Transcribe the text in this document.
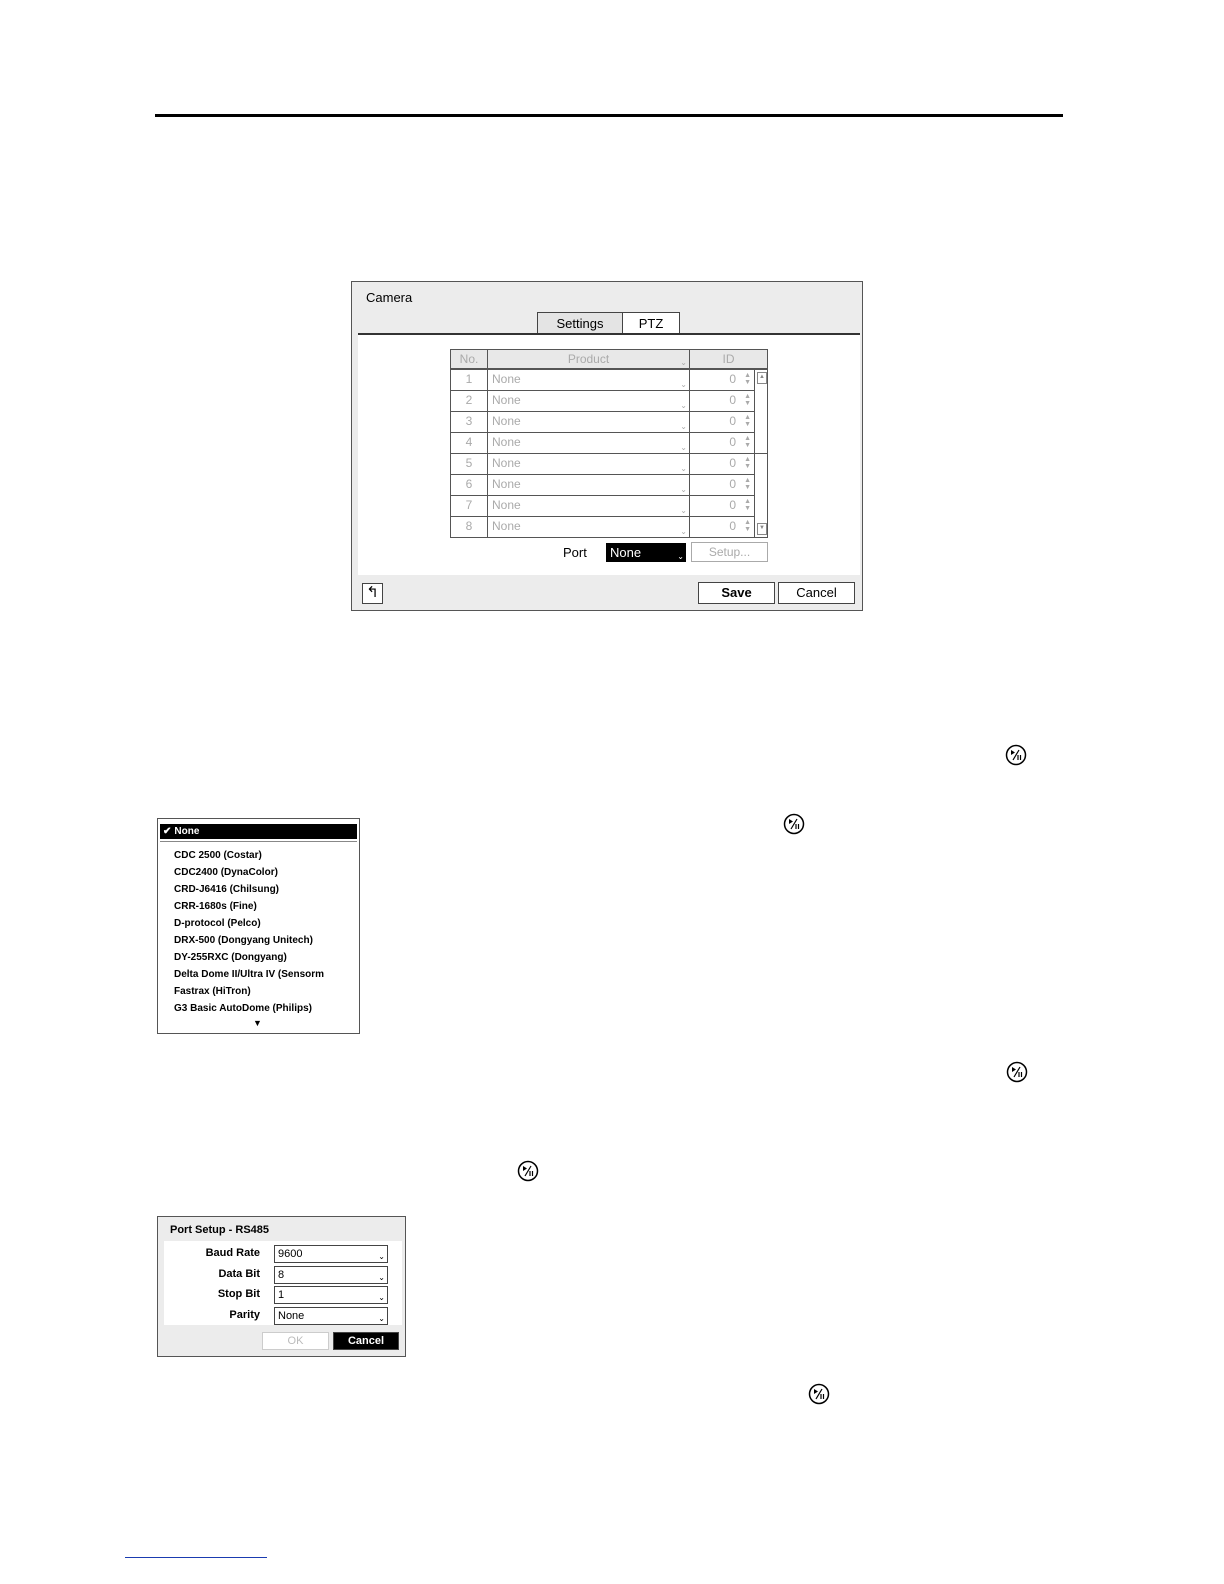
Camera
Settings	PTZ
No.	Product	⌄	ID
1	None	⌄	0 ▲
▼
2	None	⌄	0 ▲
▼
3	None	⌄	0 ▲
▼
4	None	⌄	0 ▲
▼
5	None	⌄	0 ▲
▼
6	None	⌄	0 ▲
▼
7	None	⌄	0 ▲
▼
8	None	⌄	0 ▲
▼
▲
▼
Port	None	⌄	Setup...
↰	Save	Cancel
✔ None
CDC 2500 (Costar)
CDC2400 (DynaColor)
CRD-J6416 (Chilsung)
CRR-1680s (Fine)
D-protocol (Pelco)
DRX-500 (Dongyang Unitech)
DY-255RXC (Dongyang)
Delta Dome II/Ultra IV (Sensorm
Fastrax (HiTron)
G3 Basic AutoDome (Philips)
▼
Port Setup - RS485
Baud Rate	9600	⌄
Data Bit	8	⌄
Stop Bit	1	⌄
Parity	None	⌄
OK	Cancel
